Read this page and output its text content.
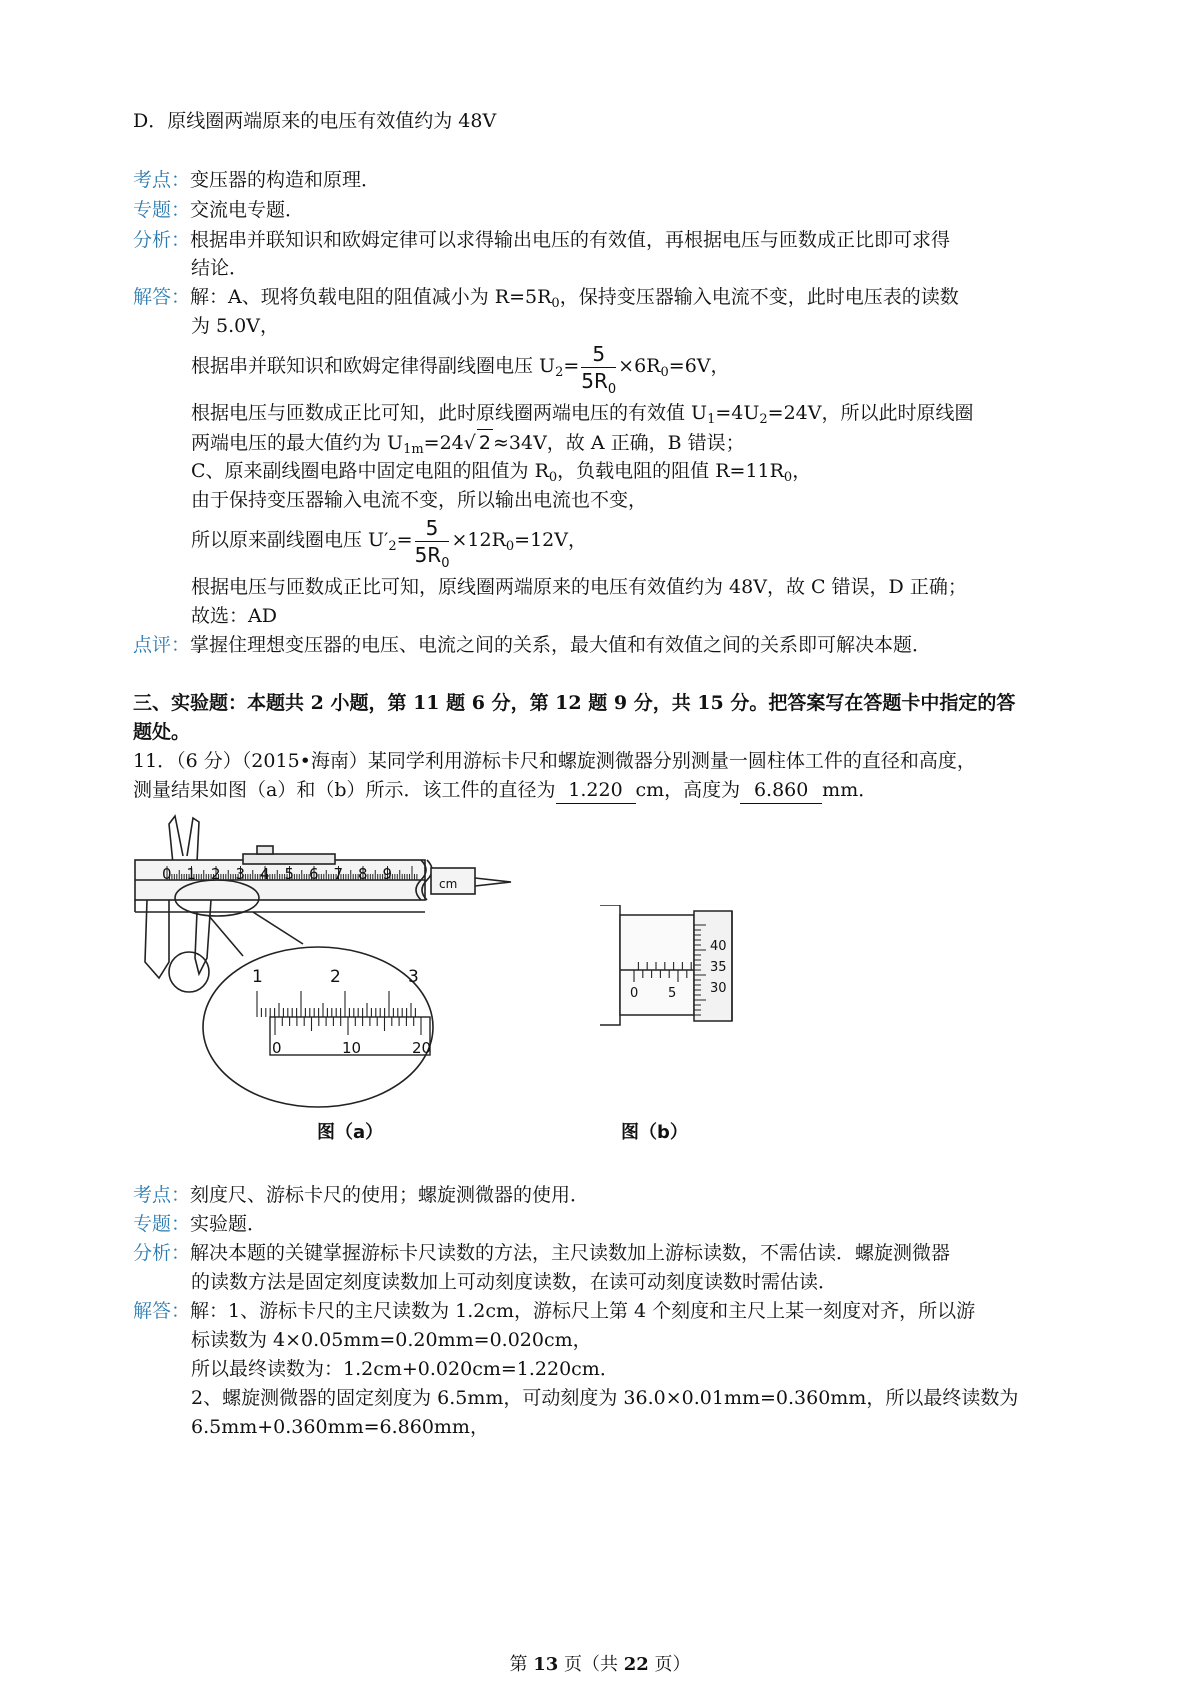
D．原线圈两端原来的电压有效值约为 48V
考点：变压器的构造和原理．
专题：交流电专题．
分析：根据串并联知识和欧姆定律可以求得输出电压的有效值，再根据电压与匝数成正比即可求得
结论．
解答：解：A、现将负载电阻的阻值减小为 $R=5R_0$，保持变压器输入电流不变，此时电压表的读数
为 5.0V，
根据串并联知识和欧姆定律得副线圈电压 $U_2= \frac{5}{5R_0} \times 6R_0=6V$，
根据电压与匝数成正比可知，此时原线圈两端电压的有效值 $U_1=4U_2=24V$，所以此时原线圈
两端电压的最大值约为 $U_{1m}=24√$ 2 ≈34V，故 A 正确，B 错误；
C、原来副线圈电路中固定电阻的阻值为 $R_0$，负载电阻的阻值 $R=11R_0$，
由于保持变压器输入电流不变，所以输出电流也不变，
所以原来副线圈电压 $U'_2= \frac{5}{5R_0} \times 12R_0=12V$，
根据电压与匝数成正比可知，原线圈两端原来的电压有效值约为 48V，故 C 错误，D 正确；
故选：AD
点评：掌握住理想变压器的电压、电流之间的关系，最大值和有效值之间的关系即可解决本题．
三、实验题：本题共 2 小题，第 11 题 6 分，第 12 题 9 分，共 15 分。把答案写在答题卡中指定的答
题处。
11．（6 分）（2015•海南）某同学利用游标卡尺和螺旋测微器分别测量一圆柱体工件的直径和高度，
测量结果如图（a）和（b）所示．该工件的直径为 1.220 cm，高度为 6.860 mm．
0 1 2 3 4 5 6 7 8 9
cm
1	2	3
0	10	20
0 5
40
35
30
图（a）	图（b）
考点：刻度尺、游标卡尺的使用；螺旋测微器的使用．
专题：实验题．
分析：解决本题的关键掌握游标卡尺读数的方法，主尺读数加上游标读数，不需估读．螺旋测微器
的读数方法是固定刻度读数加上可动刻度读数，在读可动刻度读数时需估读．
解答：解：1、游标卡尺的主尺读数为 1.2cm，游标尺上第 4 个刻度和主尺上某一刻度对齐，所以游
标读数为 4×0.05mm=0.20mm=0.020cm，
所以最终读数为：1.2cm+0.020cm=1.220cm．
2、螺旋测微器的固定刻度为 6.5mm，可动刻度为 36.0×0.01mm=0.360mm，所以最终读数为
6.5mm+0.360mm=6.860mm，
第 13 页（共 22 页）
